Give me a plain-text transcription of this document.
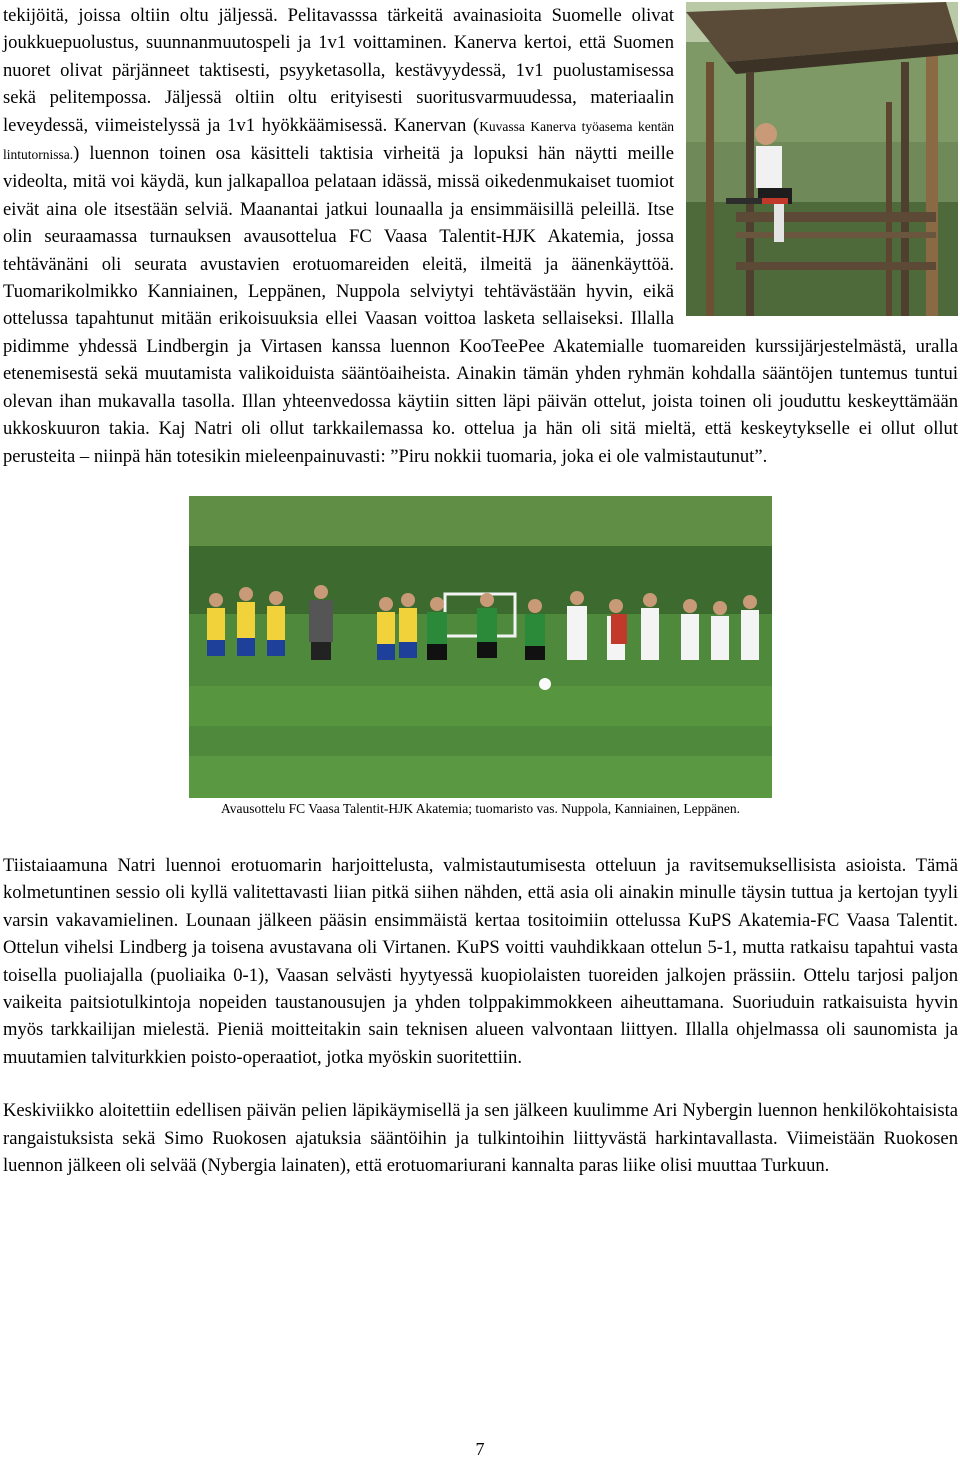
tekijöitä, joissa oltiin oltu jäljessä. Pelitavasssa tärkeitä avainasioita Suomelle olivat joukkuepuolustus, suunnanmuutospeli ja 1v1 voittaminen. Kanerva kertoi, että Suomen nuoret olivat pärjänneet taktisesti, psyyketasolla, kestävyydessä, 1v1 puolustamisessa sekä pelitempossa. Jäljessä oltiin oltu erityisesti suoritusvarmuudessa, materiaalin leveydessä, viimeistelyssä ja 1v1 hyökkäämisessä. Kanervan (Kuvassa Kanerva työasema kentän lintutornissa.) luennon toinen osa käsitteli taktisia virheitä ja lopuksi hän näytti meille videolta, mitä voi käydä, kun jalkapalloa pelataan idässä, missä oikedenmukaiset tuomiot eivät aina ole itsestään selviä. Maanantai jatkui lounaalla ja ensimmäisillä peleillä. Itse olin seuraamassa turnauksen avausottelua FC Vaasa Talentit-HJK Akatemia, jossa tehtävänäni oli seurata avustavien erotuomareiden eleitä, ilmeitä ja äänenkäyttöä. Tuomarikolmikko Kanniainen, Leppänen, Nuppola selviytyi tehtävästään hyvin, eikä ottelussa tapahtunut mitään erikoisuuksia ellei Vaasan voittoa lasketa sellaiseksi. Illalla pidimme yhdessä Lindbergin ja Virtasen kanssa luennon KooTeePee Akatemialle tuomareiden kurssijärjestelmästä, uralla etenemisestä sekä muutamista valikoiduista sääntöaiheista. Ainakin tämän yhden ryhmän kohdalla sääntöjen tuntemus tuntui olevan ihan mukavalla tasolla. Illan yhteenvedossa käytiin sitten läpi päivän ottelut, joista toinen oli jouduttu keskeyttämään ukkoskuuron takia. Kaj Natri oli ollut tarkkailemassa ko. ottelua ja hän oli sitä mieltä, että keskeytykselle ei ollut ollut perusteita – niinpä hän totesikin mieleenpainuvasti: ”Piru nokkii tuomaria, joka ei ole valmistautunut”.

Avausottelu FC Vaasa Talentit-HJK Akatemia; tuomaristo vas. Nuppola, Kanniainen, Leppänen.

Tiistaiaamuna Natri luennoi erotuomarin harjoittelusta, valmistautumisesta otteluun ja ravitsemuksellisista asioista. Tämä kolmetuntinen sessio oli kyllä valitettavasti liian pitkä siihen nähden, että asia oli ainakin minulle täysin tuttua ja kertojan tyyli varsin vakavamielinen. Lounaan jälkeen pääsin ensimmäistä kertaa tositoimiin ottelussa KuPS Akatemia-FC Vaasa Talentit. Ottelun vihelsi Lindberg ja toisena avustavana oli Virtanen. KuPS voitti vauhdikkaan ottelun 5-1, mutta ratkaisu tapahtui vasta toisella puoliajalla (puoliaika 0-1), Vaasan selvästi hyytyessä kuopiolaisten tuoreiden jalkojen prässiin. Ottelu tarjosi paljon vaikeita paitsiotulkintoja nopeiden taustanousujen ja yhden tolppakimmokkeen aiheuttamana. Suoriuduin ratkaisuista hyvin myös tarkkailijan mielestä. Pieniä moitteitakin sain teknisen alueen valvontaan liittyen. Illalla ohjelmassa oli saunomista ja muutamien talviturkkien poisto-operaatiot, jotka myöskin suoritettiin.

Keskiviikko aloitettiin edellisen päivän pelien läpikäymisellä ja sen jälkeen kuulimme Ari Nybergin luennon henkilökohtaisista rangaistuksista sekä Simo Ruokosen ajatuksia sääntöihin ja tulkintoihin liittyvästä harkintavallasta. Viimeistään Ruokosen luennon jälkeen oli selvää (Nybergia lainaten), että erotuomariurani kannalta paras liike olisi muuttaa Turkuun.

7
